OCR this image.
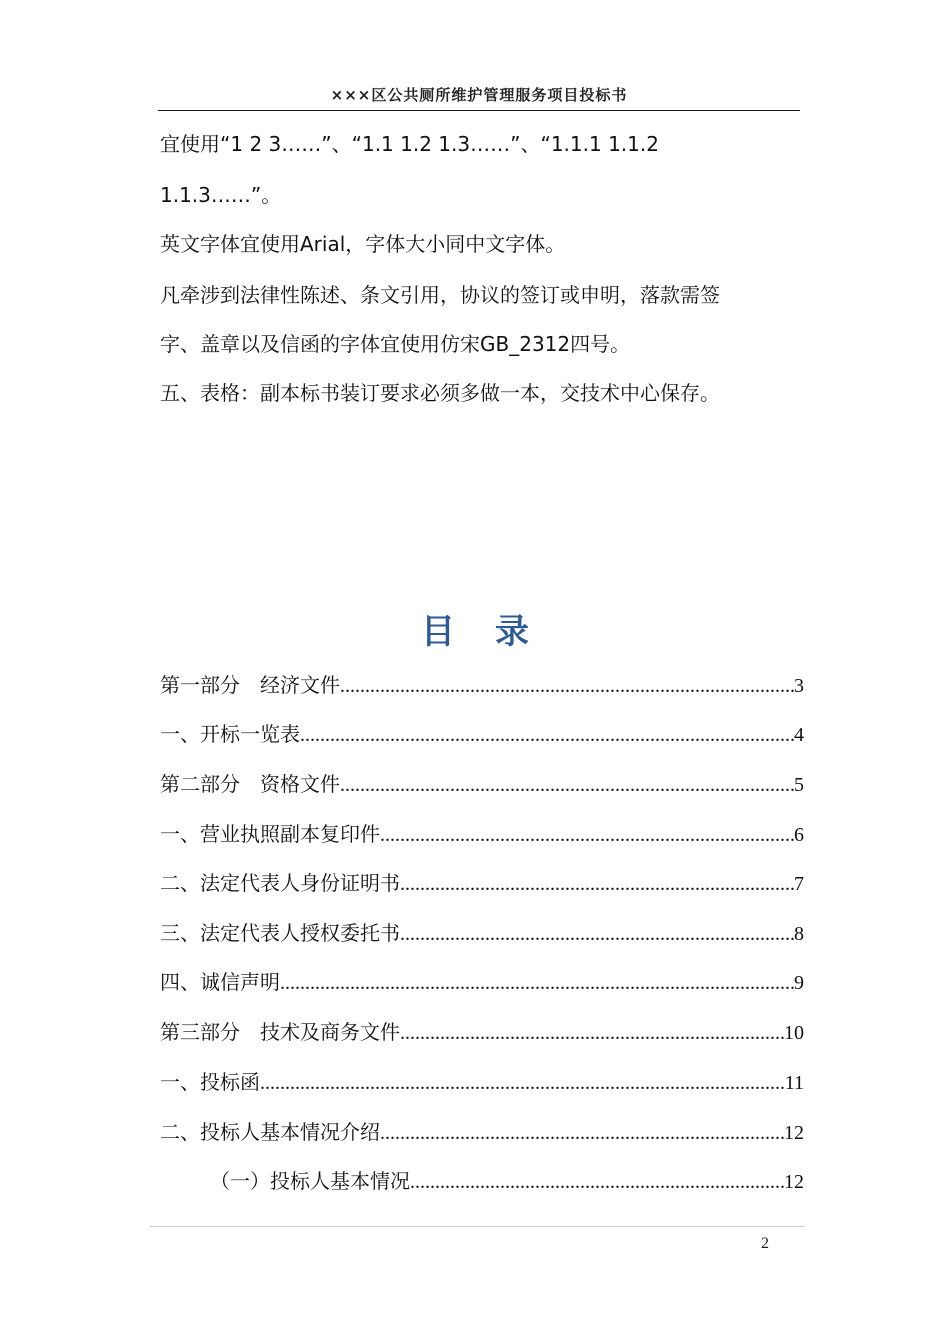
×××区公共厕所维护管理服务项目投标书
宜使用“1 2 3……”、“1.1 1.2 1.3……”、“1.1.1 1.1.2
1.1.3……”。
英文字体宜使用Arial，字体大小同中文字体。
凡牵涉到法律性陈述、条文引用，协议的签订或申明，落款需签
字、盖章以及信函的字体宜使用仿宋GB_2312四号。
五、表格：副本标书装订要求必须多做一本，交技术中心保存。
目录
第一部分　经济文件 .....	3
一、开标一览表 .....	4
第二部分　资格文件 .....	5
一、营业执照副本复印件 .....	6
二、法定代表人身份证明书 .....	7
三、法定代表人授权委托书 .....	8
四、诚信声明 .....	9
第三部分　技术及商务文件 .....	10
一、投标函 .....	11
二、投标人基本情况介绍 .....	12
（一）投标人基本情况 .....	12
2
